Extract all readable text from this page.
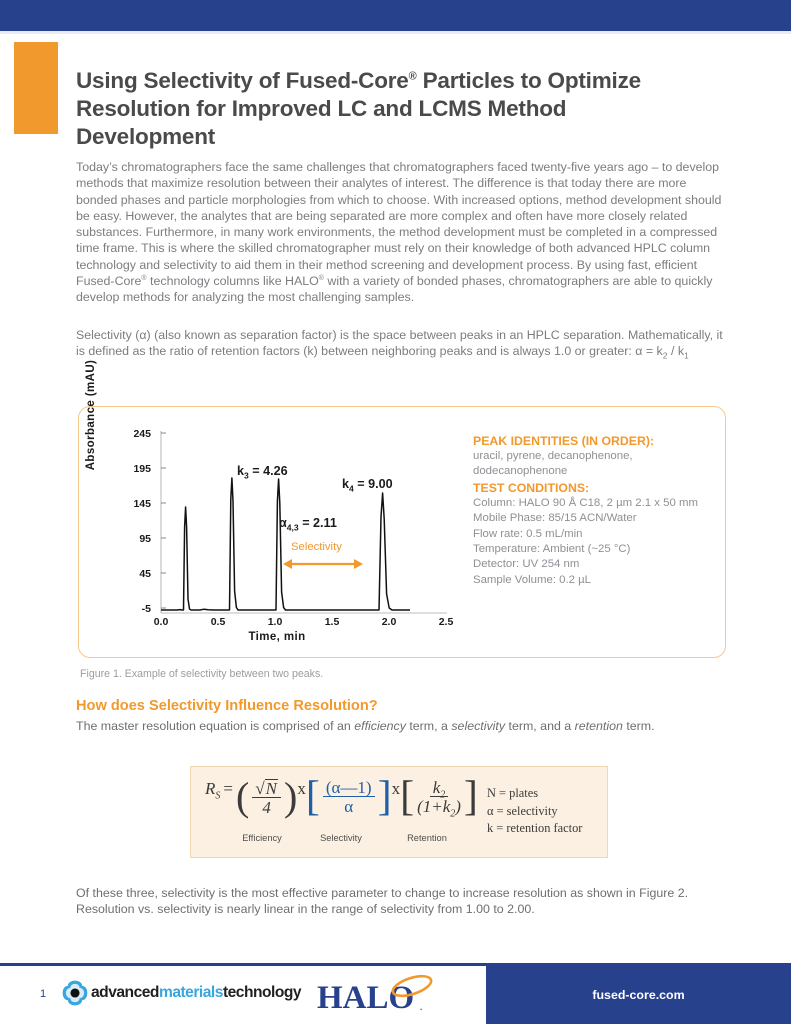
Using Selectivity of Fused-Core® Particles to Optimize Resolution for Improved LC and LCMS Method Development
Today’s chromatographers face the same challenges that chromatographers faced twenty-five years ago – to develop methods that maximize resolution between their analytes of interest. The difference is that today there are more bonded phases and particle morphologies from which to choose. With increased options, method development should be easy. However, the analytes that are being separated are more complex and often have more closely related substances. Furthermore, in many work environments, the method development must be completed in a compressed time frame. This is where the skilled chromatographer must rely on their knowledge of both advanced HPLC column technology and selectivity to aid them in their method screening and development process. By using fast, efficient Fused-Core® technology columns like HALO® with a variety of bonded phases, chromatographers are able to quickly develop methods for analyzing the most challenging samples.
Selectivity (α) (also known as separation factor) is the space between peaks in an HPLC separation. Mathematically, it is defined as the ratio of retention factors (k) between neighboring peaks and is always 1.0 or greater: $\alpha = k_2 / k_1$
Absorbance (mAU)
Time, min
245
195
145
95
45
-5
0.0	0.5	1.0	1.5	2.0	2.5
$k_3 = 4.26$
$k_4 = 9.00$
$\alpha_{4,3} = 2.11$
Selectivity
PEAK IDENTITIES (IN ORDER):
uracil, pyrene, decanophenone,
dodecanophenone
TEST CONDITIONS:
Column: HALO 90 Å C18, 2 µm 2.1 x 50 mm
Mobile Phase: 85/15 ACN/Water
Flow rate: 0.5 mL/min
Temperature: Ambient (~25 °C)
Detector: UV 254 nm
Sample Volume: 0.2 µL
Figure 1. Example of selectivity between two peaks.
How does Selectivity Influence Resolution?
The master resolution equation is comprised of an efficiency term, a selectivity term, and a retention term.
$R_S$ = ( $\frac{√N}{4}$ ) x [ $\frac{(\alpha—1)}{\alpha}$ ] x [ $\frac{k_2}{(1+k_2)}$ ]
Efficiency	Selectivity	Retention
N = plates
α = selectivity
k = retention factor
Of these three, selectivity is the most effective parameter to change to increase resolution as shown in Figure 2. Resolution vs. selectivity is nearly linear in the range of selectivity from 1.00 to 2.00.
fused-core.com
1	advancedmaterialstechnology HALO .
